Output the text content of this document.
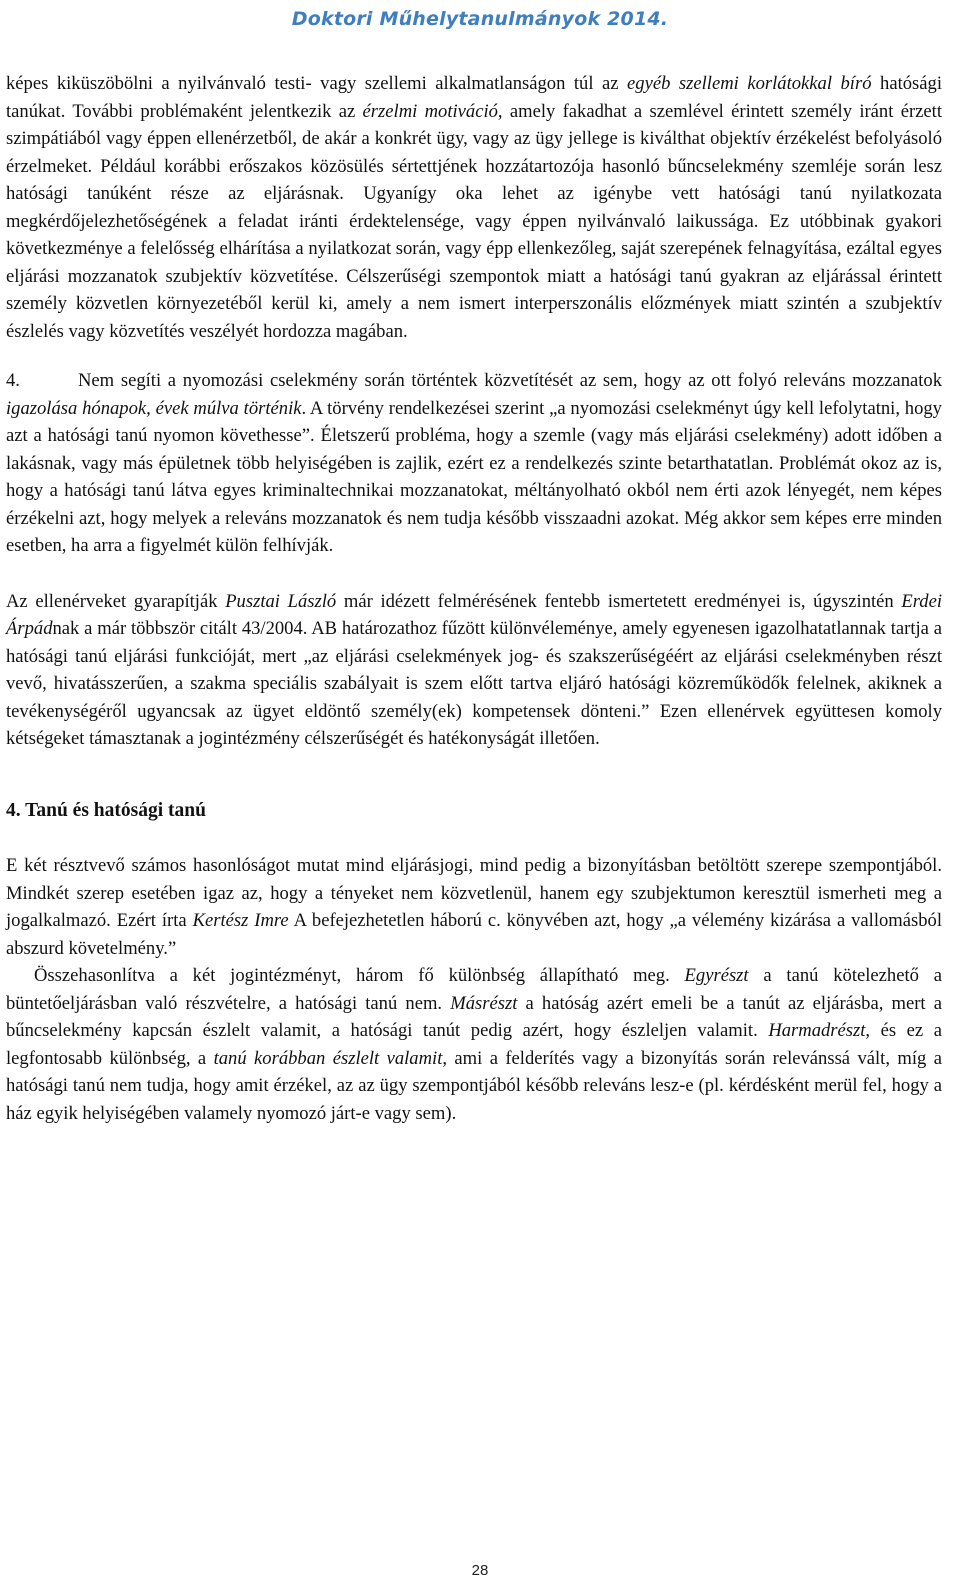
Doktori Műhelytanulmányok 2014.

képes kiküszöbölni a nyilvánvaló testi- vagy szellemi alkalmatlanságon túl az egyéb szellemi korlátokkal bíró hatósági tanúkat. További problémaként jelentkezik az érzelmi motiváció, amely fakadhat a szemlével érintett személy iránt érzett szimpátiából vagy éppen ellenérzetből, de akár a konkrét ügy, vagy az ügy jellege is kiválthat objektív érzékelést befolyásoló érzelmeket. Például korábbi erőszakos közösülés sértettjének hozzátartozója hasonló bűncselekmény szemléje során lesz hatósági tanúként része az eljárásnak. Ugyanígy oka lehet az igénybe vett hatósági tanú nyilatkozata megkérdőjelezhetőségének a feladat iránti érdektelensége, vagy éppen nyilvánvaló laikussága. Ez utóbbinak gyakori következménye a felelősség elhárítása a nyilatkozat során, vagy épp ellenkezőleg, saját szerepének felnagyítása, ezáltal egyes eljárási mozzanatok szubjektív közvetítése. Célszerűségi szempontok miatt a hatósági tanú gyakran az eljárással érintett személy közvetlen környezetéből kerül ki, amely a nem ismert interperszonális előzmények miatt szintén a szubjektív észlelés vagy közvetítés veszélyét hordozza magában.

4.	Nem segíti a nyomozási cselekmény során történtek közvetítését az sem, hogy az ott folyó releváns mozzanatok igazolása hónapok, évek múlva történik. A törvény rendelkezései szerint „a nyomozási cselekményt úgy kell lefolytatni, hogy azt a hatósági tanú nyomon követhesse”. Életszerű probléma, hogy a szemle (vagy más eljárási cselekmény) adott időben a lakásnak, vagy más épületnek több helyiségében is zajlik, ezért ez a rendelkezés szinte betarthatatlan. Problémát okoz az is, hogy a hatósági tanú látva egyes kriminaltechnikai mozzanatokat, méltányolható okból nem érti azok lényegét, nem képes érzékelni azt, hogy melyek a releváns mozzanatok és nem tudja később visszaadni azokat. Még akkor sem képes erre minden esetben, ha arra a figyelmét külön felhívják.

Az ellenérveket gyarapítják Pusztai László már idézett felmérésének fentebb ismertetett eredményei is, úgyszintén Erdei Árpádnak a már többször citált 43/2004. AB határozathoz fűzött különvéleménye, amely egyenesen igazolhatatlannak tartja a hatósági tanú eljárási funkcióját, mert „az eljárási cselekmények jog- és szakszerűségéért az eljárási cselekményben részt vevő, hivatásszerűen, a szakma speciális szabályait is szem előtt tartva eljáró hatósági közreműködők felelnek, akiknek a tevékenységéről ugyancsak az ügyet eldöntő személy(ek) kompetensek dönteni.” Ezen ellenérvek együttesen komoly kétségeket támasztanak a jogintézmény célszerűségét és hatékonyságát illetően.

4. Tanú és hatósági tanú

E két résztvevő számos hasonlóságot mutat mind eljárásjogi, mind pedig a bizonyításban betöltött szerepe szempontjából. Mindkét szerep esetében igaz az, hogy a tényeket nem közvetlenül, hanem egy szubjektumon keresztül ismerheti meg a jogalkalmazó. Ezért írta Kertész Imre A befejezhetetlen háború c. könyvében azt, hogy „a vélemény kizárása a vallomásból abszurd követelmény.”

Összehasonlítva a két jogintézményt, három fő különbség állapítható meg. Egyrészt a tanú kötelezhető a büntetőeljárásban való részvételre, a hatósági tanú nem. Másrészt a hatóság azért emeli be a tanút az eljárásba, mert a bűncselekmény kapcsán észlelt valamit, a hatósági tanút pedig azért, hogy észleljen valamit. Harmadrészt, és ez a legfontosabb különbség, a tanú korábban észlelt valamit, ami a felderítés vagy a bizonyítás során relevánssá vált, míg a hatósági tanú nem tudja, hogy amit érzékel, az az ügy szempontjából később releváns lesz-e (pl. kérdésként merül fel, hogy a ház egyik helyiségében valamely nyomozó járt-e vagy sem).

28
